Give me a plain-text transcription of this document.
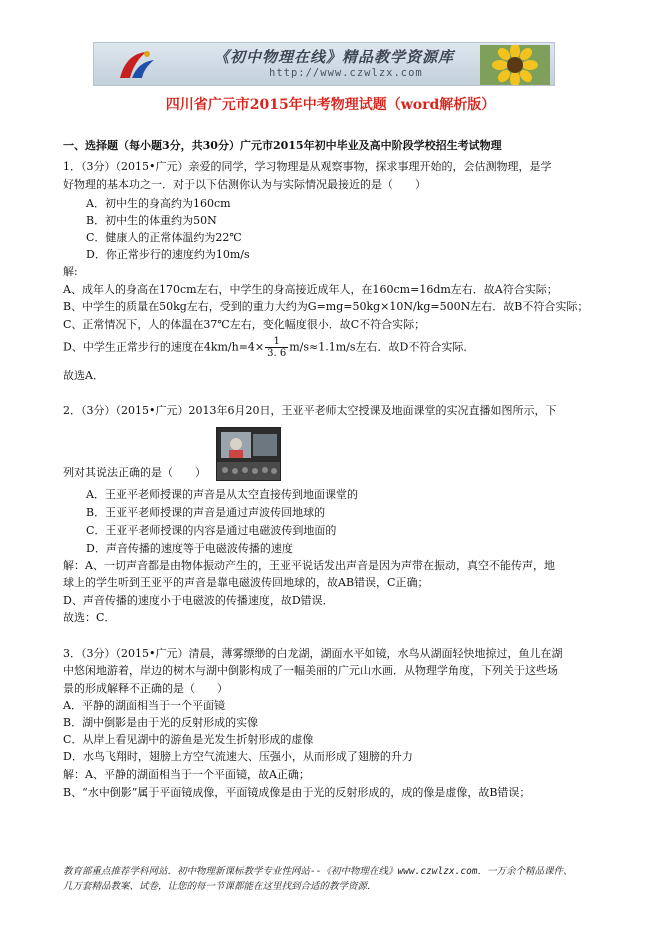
《初中物理在线》精品教学资源库
http://www.czwlzx.com
四川省广元市2015年中考物理试题（word解析版）
一、选择题（每小题3分，共30分）广元市2015年初中毕业及高中阶段学校招生考试物理
1．（3分）（2015•广元）亲爱的同学，学习物理是从观察事物，探求事理开始的，会估测物理，是学
好物理的基本功之一．对于以下估测你认为与实际情况最接近的是（　　）
A．初中生的身高约为160cm
B．初中生的体重约为50N
C．健康人的正常体温约为22℃
D．你正常步行的速度约为10m/s
解:
A、成年人的身高在170cm左右，中学生的身高接近成年人，在160cm=16dm左右．故A符合实际；
B、中学生的质量在50kg左右，受到的重力大约为G=mg=50kg×10N/kg=500N左右．故B不符合实际；
C、正常情况下，人的体温在37℃左右，变化幅度很小．故C不符合实际；
D、中学生正常步行的速度在$4km/h=4\times \frac{1}{3. 6} m/s\approx 1.1m/s$左右．故D不符合实际．
故选A．
2．（3分）（2015•广元）2013年6月20日，王亚平老师太空授课及地面课堂的实况直播如图所示，下
列对其说法正确的是（　　）
A．王亚平老师授课的声音是从太空直接传到地面课堂的
B．王亚平老师授课的声音是通过声波传回地球的
C．王亚平老师授课的内容是通过电磁波传到地面的
D．声音传播的速度等于电磁波传播的速度
解：A、一切声音都是由物体振动产生的，王亚平说话发出声音是因为声带在振动，真空不能传声，地
球上的学生听到王亚平的声音是靠电磁波传回地球的，故AB错误，C正确；
D、声音传播的速度小于电磁波的传播速度，故D错误．
故选：C．
3．（3分）（2015•广元）清晨，薄雾缥缈的白龙湖，湖面水平如镜，水鸟从湖面轻快地掠过，鱼儿在湖
中悠闲地游着，岸边的树木与湖中倒影构成了一幅美丽的广元山水画．从物理学角度，下列关于这些场
景的形成解释不正确的是（　　）
A．平静的湖面相当于一个平面镜
B．湖中倒影是由于光的反射形成的实像
C．从岸上看见湖中的游鱼是光发生折射形成的虚像
D．水鸟飞翔时，翅膀上方空气流速大、压强小，从而形成了翅膀的升力
解：A、平静的湖面相当于一个平面镜，故A正确；
B、“水中倒影”属于平面镜成像，平面镜成像是由于光的反射形成的，成的像是虚像，故B错误；
教育部重点推荐学科网站．初中物理新课标教学专业性网站--《初中物理在线》www.czwlzx.com．一万余个精品课件、
几万套精品教案、试卷，让您的每一节课都能在这里找到合适的教学资源．
